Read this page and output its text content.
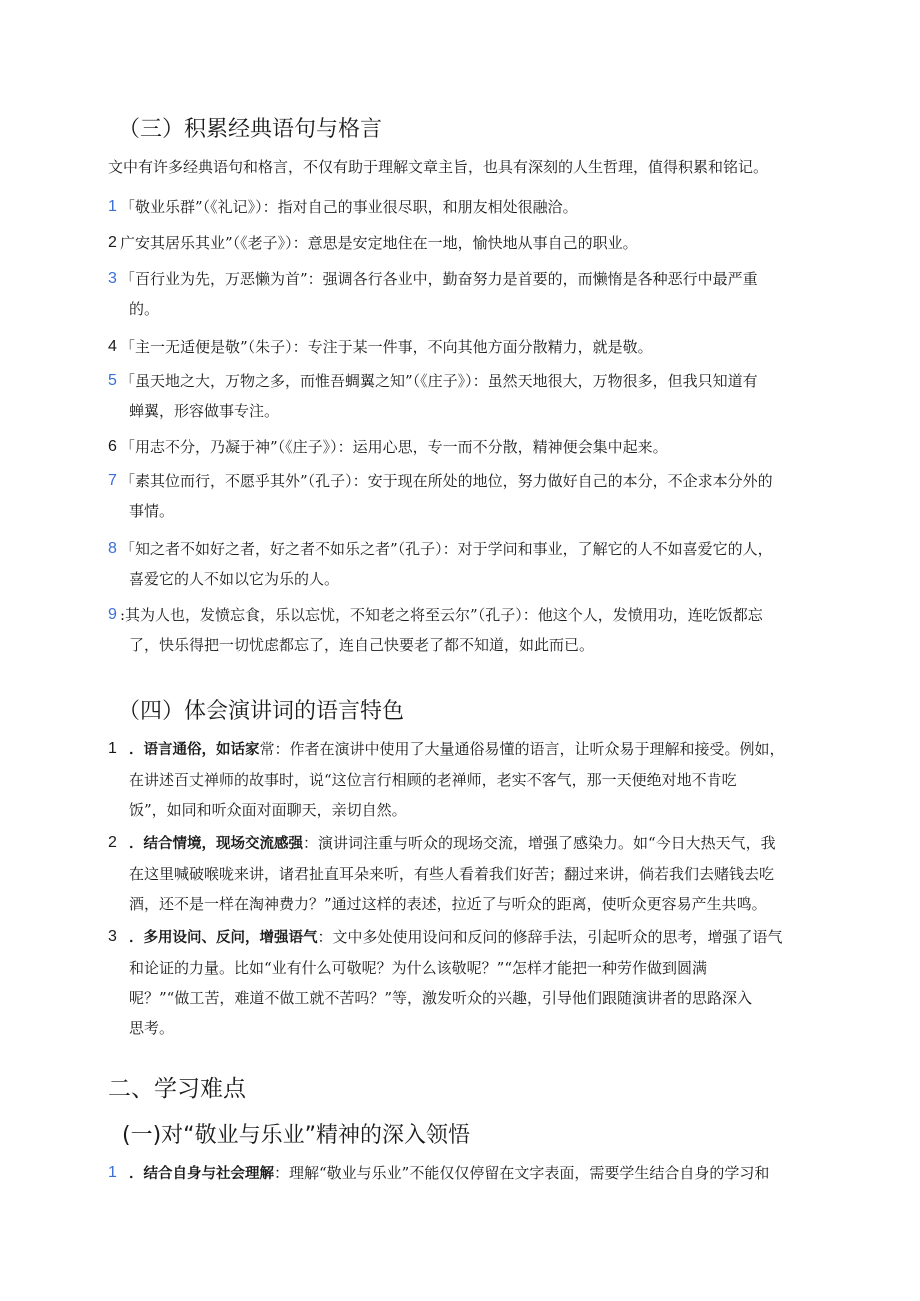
（三）积累经典语句与格言
文中有许多经典语句和格言，不仅有助于理解文章主旨，也具有深刻的人生哲理，值得积累和铭记。
1 「敬业乐群”（《礼记》）：指对自己的事业很尽职，和朋友相处很融洽。
2 广安其居乐其业”（《老子》）：意思是安定地住在一地，愉快地从事自己的职业。
3 「百行业为先，万恶懒为首”：强调各行各业中，勤奋努力是首要的，而懒惰是各种恶行中最严重
的。
4 「主一无适便是敬”（朱子）：专注于某一件事，不向其他方面分散精力，就是敬。
5 「虽天地之大，万物之多，而惟吾蜩翼之知”（《庄子》）：虽然天地很大，万物很多，但我只知道有
蝉翼，形容做事专注。
6 「用志不分，乃凝于神”（《庄子》）：运用心思，专一而不分散，精神便会集中起来。
7 「素其位而行，不愿乎其外”（孔子）：安于现在所处的地位，努力做好自己的本分，不企求本分外的
事情。
8 「知之者不如好之者，好之者不如乐之者”（孔子）：对于学问和事业，了解它的人不如喜爱它的人，
喜爱它的人不如以它为乐的人。
9 :其为人也，发愤忘食，乐以忘忧，不知老之将至云尔”（孔子）：他这个人，发愤用功，连吃饭都忘
了，快乐得把一切忧虑都忘了，连自己快要老了都不知道，如此而已。
（四）体会演讲词的语言特色
1 ．语言通俗，如话家常：作者在演讲中使用了大量通俗易懂的语言，让听众易于理解和接受。例如，
在讲述百丈禅师的故事时，说“这位言行相顾的老禅师，老实不客气，那一天便绝对地不肯吃
饭”，如同和听众面对面聊天，亲切自然。
2 ．结合情境，现场交流感强：演讲词注重与听众的现场交流，增强了感染力。如“今日大热天气，我
在这里喊破喉咙来讲，诸君扯直耳朵来听，有些人看着我们好苦；翻过来讲，倘若我们去赌钱去吃
酒，还不是一样在淘神费力？”通过这样的表述，拉近了与听众的距离，使听众更容易产生共鸣。
3 ．多用设问、反问，增强语气：文中多处使用设问和反问的修辞手法，引起听众的思考，增强了语气
和论证的力量。比如“业有什么可敬呢？为什么该敬呢？”“怎样才能把一种劳作做到圆满
呢？”“做工苦，难道不做工就不苦吗？”等，激发听众的兴趣，引导他们跟随演讲者的思路深入
思考。
二、学习难点
(一)对“敬业与乐业”精神的深入领悟
1 ．结合自身与社会理解：理解“敬业与乐业”不能仅仅停留在文字表面，需要学生结合自身的学习和
